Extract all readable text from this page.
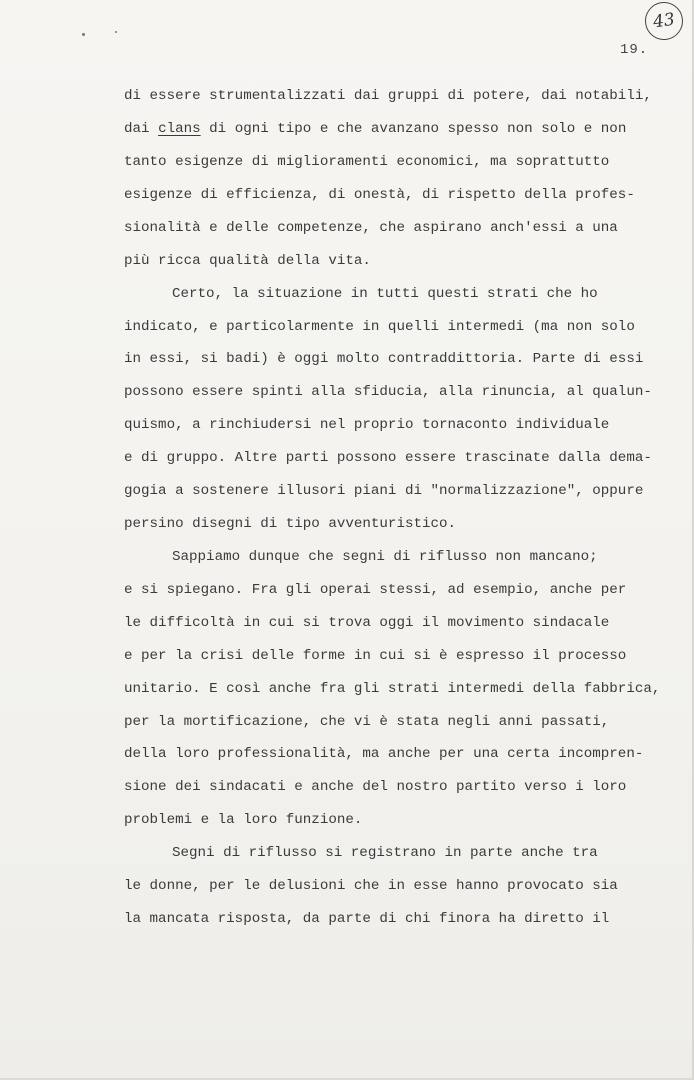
43
19.
di essere strumentalizzati dai gruppi di potere, dai notabili,
dai clans di ogni tipo e che avanzano spesso non solo e non
tanto esigenze di miglioramenti economici, ma soprattutto
esigenze di efficienza, di onestà, di rispetto della profes-
sionalità e delle competenze, che aspirano anch'essi a una
più ricca qualità della vita.
Certo, la situazione in tutti questi strati che ho
indicato, e particolarmente in quelli intermedi (ma non solo
in essi, si badi) è oggi molto contraddittoria. Parte di essi
possono essere spinti alla sfiducia, alla rinuncia, al qualun-
quismo, a rinchiudersi nel proprio tornaconto individuale
e di gruppo. Altre parti possono essere trascinate dalla dema-
gogia a sostenere illusori piani di "normalizzazione", oppure
persino disegni di tipo avventuristico.
Sappiamo dunque che segni di riflusso non mancano;
e si spiegano. Fra gli operai stessi, ad esempio, anche per
le difficoltà in cui si trova oggi il movimento sindacale
e per la crisi delle forme in cui si è espresso il processo
unitario. E così anche fra gli strati intermedi della fabbrica,
per la mortificazione, che vi è stata negli anni passati,
della loro professionalità, ma anche per una certa incompren-
sione dei sindacati e anche del nostro partito verso i loro
problemi e la loro funzione.
Segni di riflusso si registrano in parte anche tra
le donne, per le delusioni che in esse hanno provocato sia
la mancata risposta, da parte di chi finora ha diretto il
